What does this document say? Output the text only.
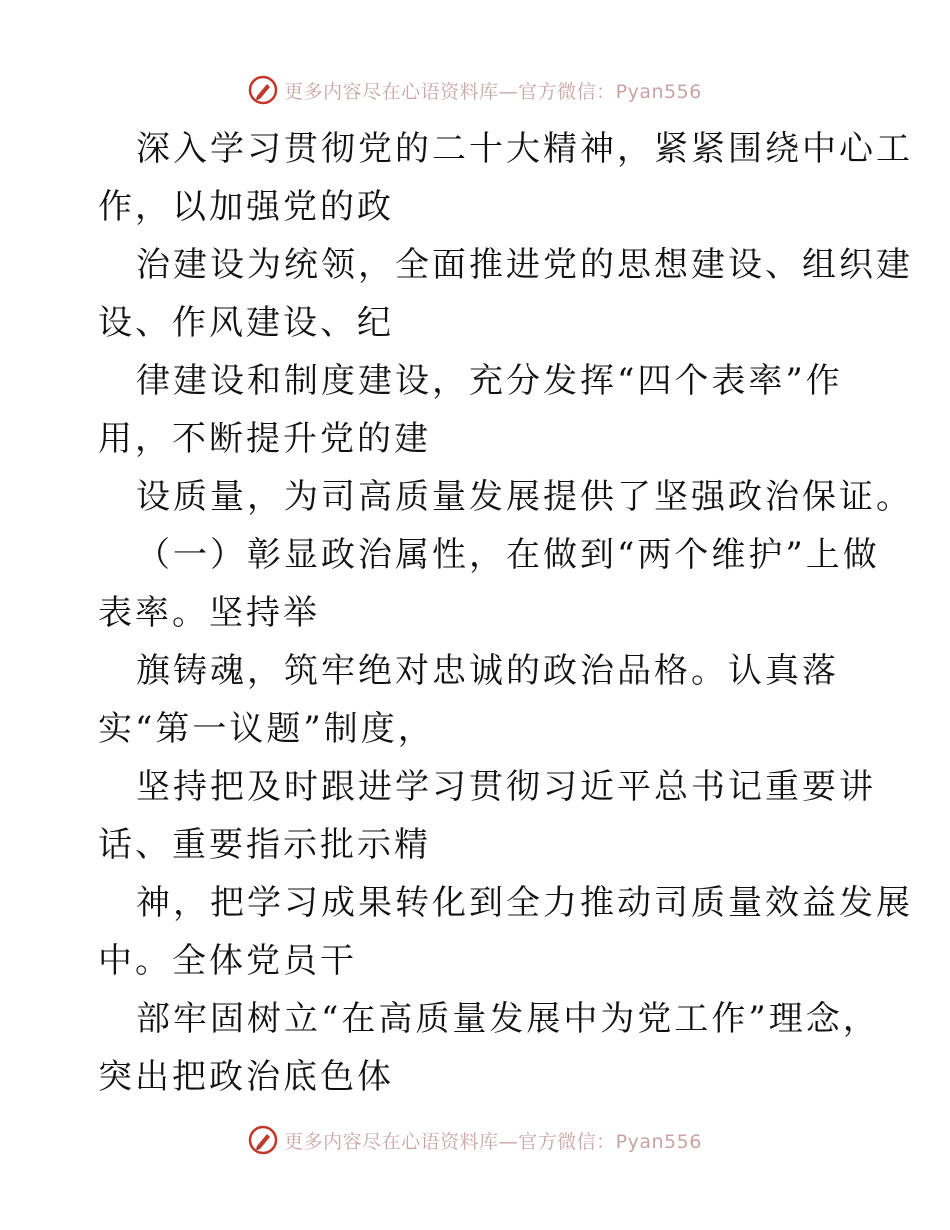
更多内容尽在心语资料库—官方微信：Pyan556

深入学习贯彻党的二十大精神，紧紧围绕中心工

作，以加强党的政

治建设为统领，全面推进党的思想建设、组织建

设、作风建设、纪

律建设和制度建设，充分发挥“四个表率”作

用，不断提升党的建

设质量，为司高质量发展提供了坚强政治保证。

（一）彰显政治属性，在做到“两个维护”上做

表率。坚持举

旗铸魂，筑牢绝对忠诚的政治品格。认真落

实“第一议题”制度，

坚持把及时跟进学习贯彻习近平总书记重要讲

话、重要指示批示精

神，把学习成果转化到全力推动司质量效益发展

中。全体党员干

部牢固树立“在高质量发展中为党工作”理念，

突出把政治底色体

更多内容尽在心语资料库—官方微信：Pyan556
